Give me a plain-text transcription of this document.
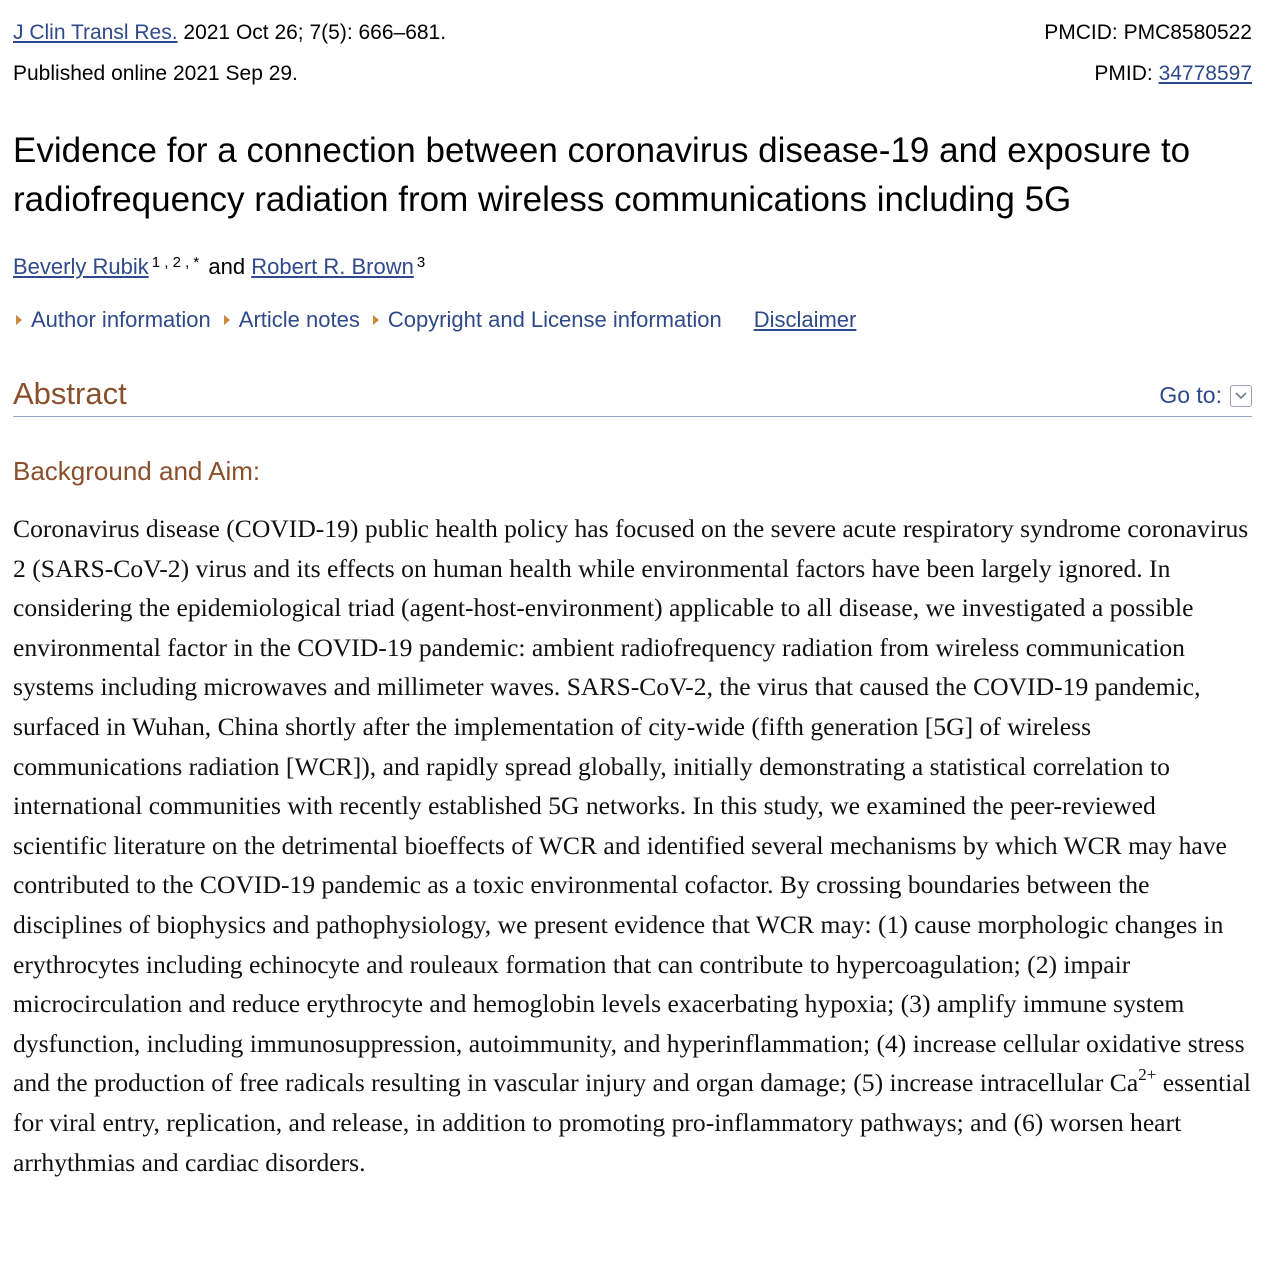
J Clin Transl Res. 2021 Oct 26; 7(5): 666–681.	PMCID: PMC8580522
Published online 2021 Sep 29.	PMID: 34778597
Evidence for a connection between coronavirus disease-19 and exposure to radiofrequency radiation from wireless communications including 5G
Beverly Rubik $^{1 , 2 , *}$ and Robert R. Brown $^3$
Author information Article notes Copyright and License information Disclaimer
Abstract	Go to:
Background and Aim:

Coronavirus disease (COVID-19) public health policy has focused on the severe acute respiratory syndrome coronavirus 2 (SARS-CoV-2) virus and its effects on human health while environmental factors have been largely ignored. In considering the epidemiological triad (agent-host-environment) applicable to all disease, we investigated a possible environmental factor in the COVID-19 pandemic: ambient radiofrequency radiation from wireless communication systems including microwaves and millimeter waves. SARS-CoV-2, the virus that caused the COVID-19 pandemic, surfaced in Wuhan, China shortly after the implementation of city-wide (fifth generation [5G] of wireless communications radiation [WCR]), and rapidly spread globally, initially demonstrating a statistical correlation to international communities with recently established 5G networks. In this study, we examined the peer-reviewed scientific literature on the detrimental bioeffects of WCR and identified several mechanisms by which WCR may have contributed to the COVID-19 pandemic as a toxic environmental cofactor. By crossing boundaries between the disciplines of biophysics and pathophysiology, we present evidence that WCR may: (1) cause morphologic changes in erythrocytes including echinocyte and rouleaux formation that can contribute to hypercoagulation; (2) impair microcirculation and reduce erythrocyte and hemoglobin levels exacerbating hypoxia; (3) amplify immune system dysfunction, including immunosuppression, autoimmunity, and hyperinflammation; (4) increase cellular oxidative stress and the production of free radicals resulting in vascular injury and organ damage; (5) increase intracellular $Ca^{2+}$ essential for viral entry, replication, and release, in addition to promoting pro-inflammatory pathways; and (6) worsen heart arrhythmias and cardiac disorders.
